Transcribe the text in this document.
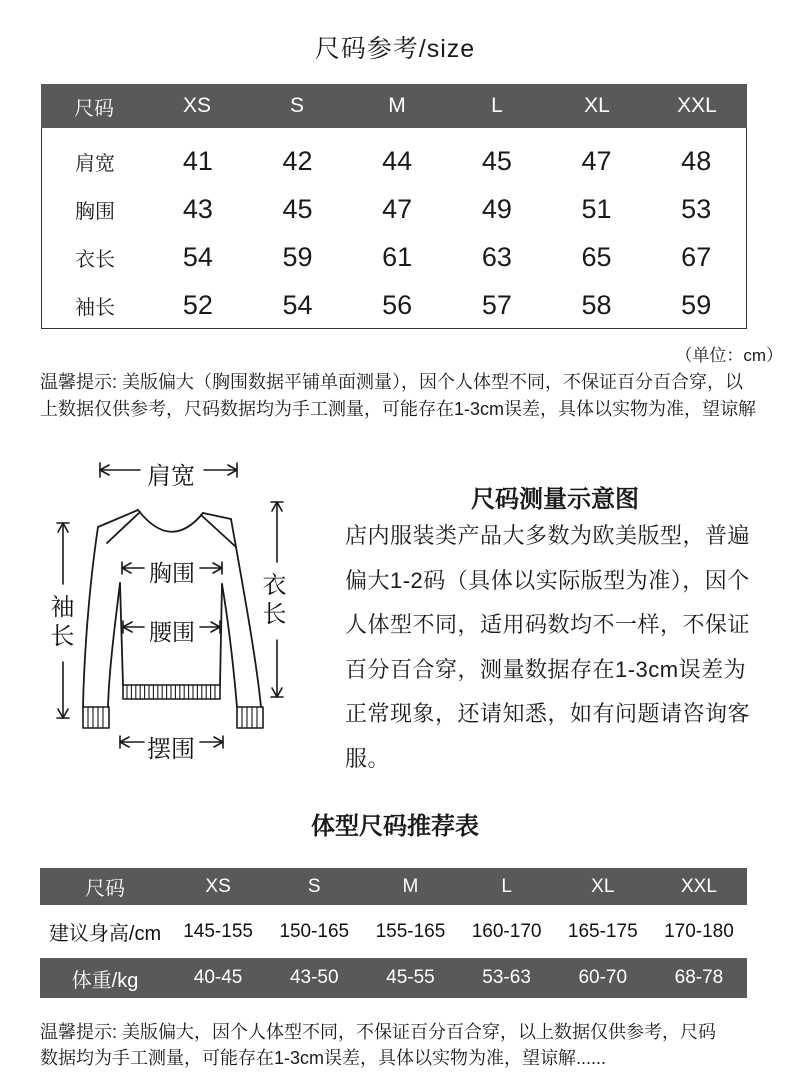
尺码参考/size
尺码	XS	S	M	L	XL	XXL
肩宽	41	42	44	45	47	48
胸围	43	45	47	49	51	53
衣长	54	59	61	63	65	67
袖长	52	54	56	57	58	59
（单位：cm）
温馨提示: 美版偏大（胸围数据平铺单面测量），因个人体型不同，不保证百分百合穿，以
上数据仅供参考，尺码数据均为手工测量，可能存在1-3cm误差，具体以实物为准，望谅解
肩宽
胸围
腰围
摆围
袖长	衣长
尺码测量示意图
店内服装类产品大多数为欧美版型，普遍
偏大1-2码（具体以实际版型为准），因个
人体型不同，适用码数均不一样，不保证
百分百合穿，测量数据存在1-3cm误差为
正常现象，还请知悉，如有问题请咨询客
服。
体型尺码推荐表
尺码	XS	S	M	L	XL	XXL
建议身高/cm	145-155	150-165	155-165	160-170	165-175	170-180
体重/kg	40-45	43-50	45-55	53-63	60-70	68-78
温馨提示: 美版偏大，因个人体型不同，不保证百分百合穿，以上数据仅供参考，尺码
数据均为手工测量，可能存在1-3cm误差，具体以实物为准，望谅解......
